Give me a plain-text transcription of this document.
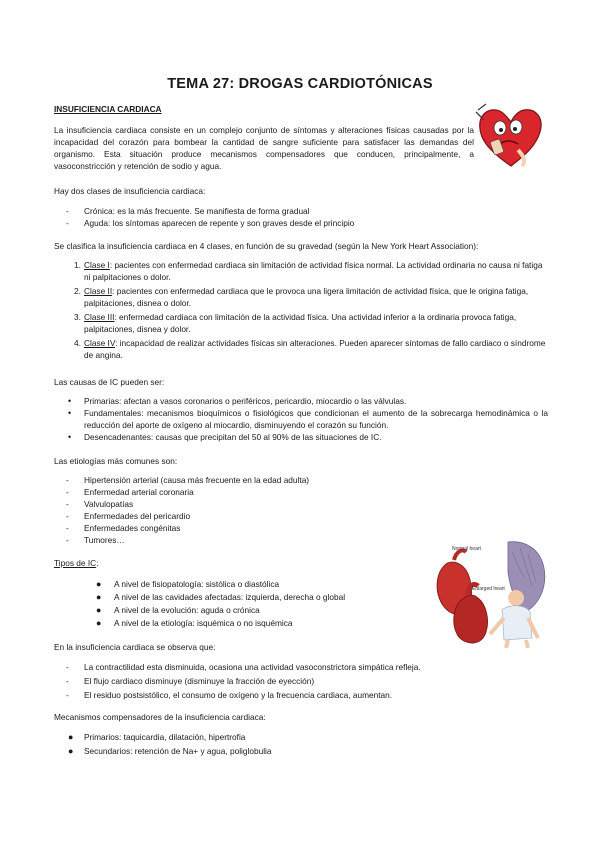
TEMA 27: DROGAS CARDIOTÓNICAS
INSUFICIENCIA CARDIACA
La insuficiencia cardiaca consiste en un complejo conjunto de síntomas y alteraciones físicas causadas por la incapacidad del corazón para bombear la cantidad de sangre suficiente para satisfacer las demandas del organismo. Esta situación produce mecanismos compensadores que conducen, principalmente, a vasoconstricción y retención de sodio y agua.
Hay dos clases de insuficiencia cardiaca:
- Crónica: es la más frecuente. Se manifiesta de forma gradual
- Aguda: los síntomas aparecen de repente y son graves desde el principio
Se clasifica la insuficiencia cardiaca en 4 clases, en función de su gravedad (según la New York Heart Association):
1. Clase I: pacientes con enfermedad cardiaca sin limitación de actividad física normal. La actividad ordinaria no causa ni fatiga ni palpitaciones o dolor.
2. Clase II: pacientes con enfermedad cardiaca que le provoca una ligera limitación de actividad física, que le origina fatiga, palpitaciones, disnea o dolor.
3. Clase III: enfermedad cardiaca con limitación de la actividad física. Una actividad inferior a la ordinaria provoca fatiga, palpitaciones, disnea y dolor.
4. Clase IV: incapacidad de realizar actividades físicas sin alteraciones. Pueden aparecer síntomas de fallo cardiaco o síndrome de angina.
Las causas de IC pueden ser:
• Primarias: afectan a vasos coronarios o periféricos, pericardio, miocardio o las válvulas.
• Fundamentales: mecanismos bioquímicos o fisiológicos que condicionan el aumento de la sobrecarga hemodinámica o la reducción del aporte de oxígeno al miocardio, disminuyendo el corazón su función.
• Desencadenantes: causas que precipitan del 50 al 90% de las situaciones de IC.
Las etiologías más comunes son:
- Hipertensión arterial (causa más frecuente en la edad adulta)
- Enfermedad arterial coronaria
- Valvulopatías
- Enfermedades del pericardio
- Enfermedades congénitas
- Tumores…
Normal heart
Enlarged heart
Tipos de IC:
● A nivel de fisiopatología: sistólica o diastólica
● A nivel de las cavidades afectadas: izquierda, derecha o global
● A nivel de la evolución: aguda o crónica
● A nivel de la etiología: isquémica o no isquémica
En la insuficiencia cardiaca se observa que:
- La contractilidad esta disminuida, ocasiona una actividad vasoconstrictora simpática refleja.
- El flujo cardiaco disminuye (disminuye la fracción de eyección)
- El residuo postsistólico, el consumo de oxígeno y la frecuencia cardiaca, aumentan.
Mecanismos compensadores de la insuficiencia cardiaca:
● Primarios: taquicardia, dilatación, hipertrofia
● Secundarios: retención de Na+ y agua, poliglobulia
